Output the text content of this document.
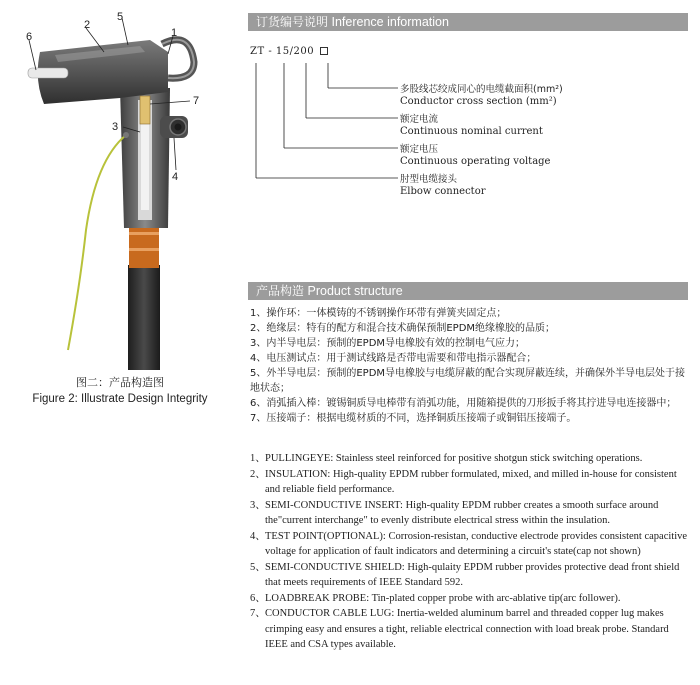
6
2
5
1
7
3
4
图二：产品构造图
Figure 2: Illustrate Design Integrity
订货编号说明 Inference information
ZT - 15/200
多股线芯绞成同心的电缆截面积(mm²)
Conductor cross section (mm²)
额定电流
Continuous nominal current
额定电压
Continuous operating voltage
肘型电缆接头
Elbow connector
产品构造 Product structure
1、操作环：一体模铸的不锈钢操作环带有弹簧夹固定点；
2、绝缘层：特有的配方和混合技术确保预制EPDM绝缘橡胶的品质；
3、内半导电层：预制的EPDM导电橡胶有效的控制电气应力；
4、电压测试点：用于测试线路是否带电需要和带电指示器配合；
5、外半导电层：预制的EPDM导电橡胶与电缆屏蔽的配合实现屏蔽连续，并确保外半导电层处于接地状态；
6、消弧插入棒：镀锡铜质导电棒带有消弧功能，用随箱提供的刀形扳手将其拧进导电连接器中；
7、压接端子：根据电缆材质的不同，选择铜质压接端子或铜铝压接端子。
1、PULLINGEYE: Stainless steel reinforced for positive shotgun stick switching operations.
2、INSULATION: High-quality EPDM rubber formulated, mixed, and milled in-house for consistent and reliable field performance.
3、SEMI-CONDUCTIVE INSERT: High-quality EPDM rubber creates a smooth surface around the"current interchange" to evenly distribute electrical stress within the insulation.
4、TEST POINT(OPTIONAL): Corrosion-resistan, conductive electrode provides consistent capacitive voltage for application of fault indicators and determining a circuit's state(cap not shown)
5、SEMI-CONDUCTIVE SHIELD: High-qulaity EPDM rubber provides protective dead front shield that meets requirements of IEEE Standard 592.
6、LOADBREAK PROBE: Tin-plated copper probe with arc-ablative tip(arc follower).
7、CONDUCTOR CABLE LUG: Inertia-welded aluminum barrel and threaded copper lug makes crimping easy and ensures a tight, reliable electrical connection with load break probe. Standard IEEE and CSA types available.
